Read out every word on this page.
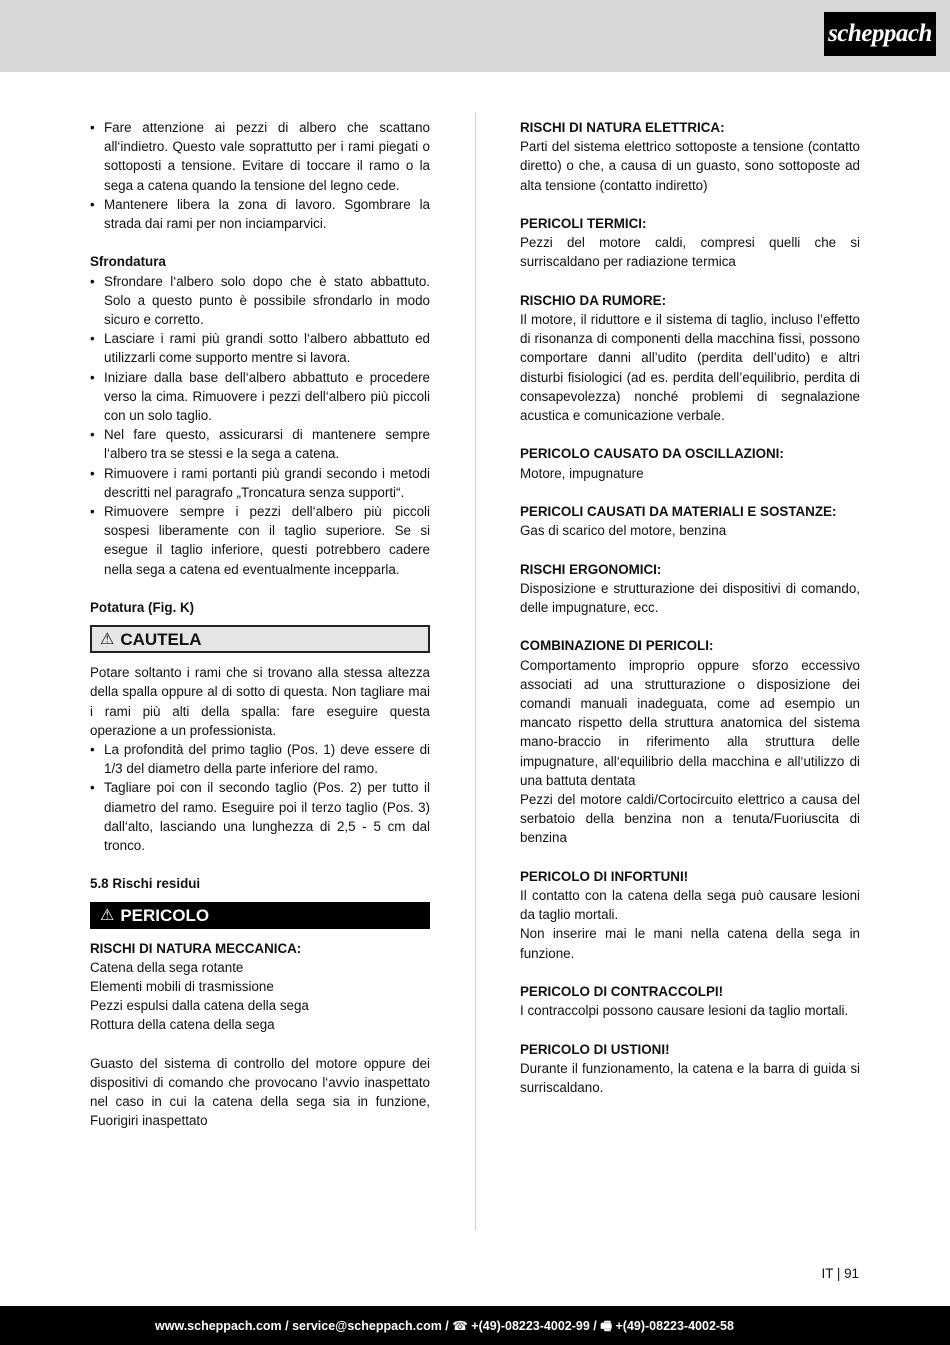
scheppach
• Fare attenzione ai pezzi di albero che scattano all‘indietro. Questo vale soprattutto per i rami piegati o sottoposti a tensione. Evitare di toccare il ramo o la sega a catena quando la tensione del legno cede.
• Mantenere libera la zona di lavoro. Sgombrare la strada dai rami per non inciamparvici.

Sfrondatura

• Sfrondare l‘albero solo dopo che è stato abbattuto. Solo a questo punto è possibile sfrondarlo in modo sicuro e corretto.
• Lasciare i rami più grandi sotto l‘albero abbattuto ed utilizzarli come supporto mentre si lavora.
• Iniziare dalla base dell‘albero abbattuto e procedere verso la cima. Rimuovere i pezzi dell‘albero più piccoli con un solo taglio.
• Nel fare questo, assicurarsi di mantenere sempre l‘albero tra se stessi e la sega a catena.
• Rimuovere i rami portanti più grandi secondo i metodi descritti nel paragrafo „Troncatura senza supporti“.
• Rimuovere sempre i pezzi dell‘albero più piccoli sospesi liberamente con il taglio superiore. Se si esegue il taglio inferiore, questi potrebbero cadere nella sega a catena ed eventualmente incepparla.

Potatura (Fig. K)

⚠ CAUTELA

Potare soltanto i rami che si trovano alla stessa altezza della spalla oppure al di sotto di questa. Non tagliare mai i rami più alti della spalla: fare eseguire questa operazione a un professionista.

• La profondità del primo taglio (Pos. 1) deve essere di 1/3 del diametro della parte inferiore del ramo.
• Tagliare poi con il secondo taglio (Pos. 2) per tutto il diametro del ramo. Eseguire poi il terzo taglio (Pos. 3) dall‘alto, lasciando una lunghezza di 2,5 - 5 cm dal tronco.

5.8 Rischi residui

⚠ PERICOLO

RISCHI DI NATURA MECCANICA:

Catena della sega rotante

Elementi mobili di trasmissione

Pezzi espulsi dalla catena della sega

Rottura della catena della sega

Guasto del sistema di controllo del motore oppure dei dispositivi di comando che provocano l‘avvio inaspettato nel caso in cui la catena della sega sia in funzione, Fuorigiri inaspettato

RISCHI DI NATURA ELETTRICA:

Parti del sistema elettrico sottoposte a tensione (contatto diretto) o che, a causa di un guasto, sono sottoposte ad alta tensione (contatto indiretto)

PERICOLI TERMICI:

Pezzi del motore caldi, compresi quelli che si surriscaldano per radiazione termica

RISCHIO DA RUMORE:

Il motore, il riduttore e il sistema di taglio, incluso l’effetto di risonanza di componenti della macchina fissi, possono comportare danni all’udito (perdita dell’udito) e altri disturbi fisiologici (ad es. perdita dell’equilibrio, perdita di consapevolezza) nonché problemi di segnalazione acustica e comunicazione verbale.

PERICOLO CAUSATO DA OSCILLAZIONI:

Motore, impugnature

PERICOLI CAUSATI DA MATERIALI E SOSTANZE:

Gas di scarico del motore, benzina

RISCHI ERGONOMICI:

Disposizione e strutturazione dei dispositivi di comando, delle impugnature, ecc.

COMBINAZIONE DI PERICOLI:

Comportamento improprio oppure sforzo eccessivo associati ad una strutturazione o disposizione dei comandi manuali inadeguata, come ad esempio un mancato rispetto della struttura anatomica del sistema mano-braccio in riferimento alla struttura delle impugnature, all‘equilibrio della macchina e all‘utilizzo di una battuta dentata

Pezzi del motore caldi/Cortocircuito elettrico a causa del serbatoio della benzina non a tenuta/Fuoriuscita di benzina

PERICOLO DI INFORTUNI!

Il contatto con la catena della sega può causare lesioni da taglio mortali.

Non inserire mai le mani nella catena della sega in funzione.

PERICOLO DI CONTRACCOLPI!

I contraccolpi possono causare lesioni da taglio mortali.

PERICOLO DI USTIONI!

Durante il funzionamento, la catena e la barra di guida si surriscaldano.

IT | 91
www.scheppach.com / service@scheppach.com / ☎ +(49)-08223-4002-99 / 🖷 +(49)-08223-4002-58
